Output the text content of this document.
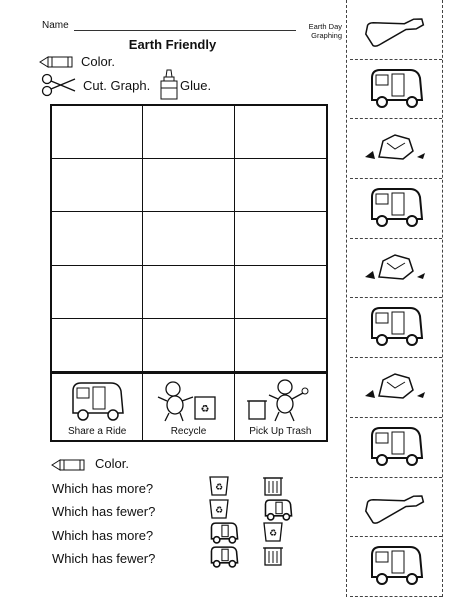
Name	Earth Day
Graphing
Earth Friendly
Color.
Cut. Graph. Glue.
Share a Ride
♻
Recycle	Pick Up Trash
Color.
Which has more?
Which has fewer?
Which has more?
Which has fewer?
♻
♻
♻
